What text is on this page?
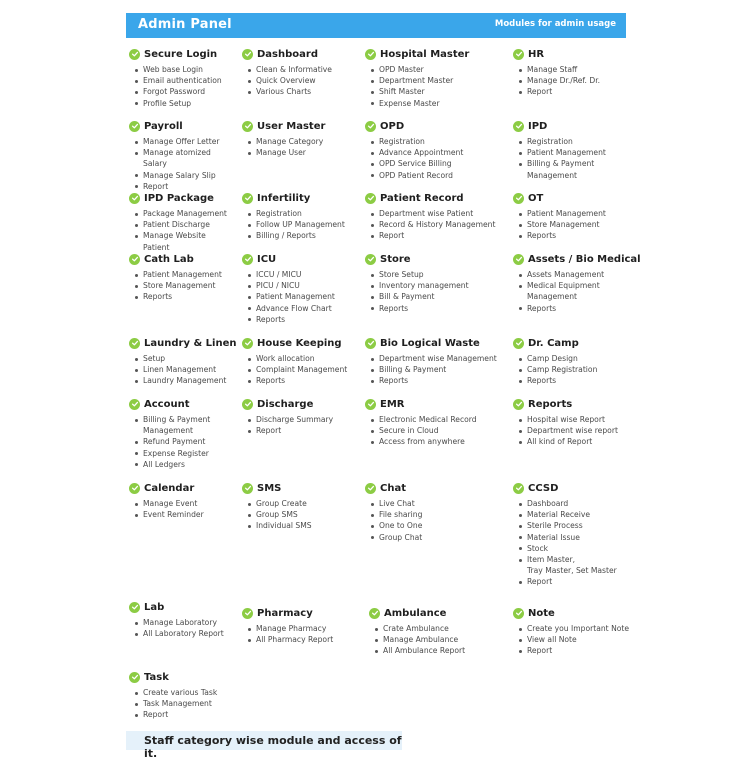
Admin Panel	Modules for admin usage
Secure Login
Web base Login
Email authentication
Forgot Password
Profile Setup
Dashboard
Clean & Informative
Quick Overview
Various Charts
Hospital Master
OPD Master
Department Master
Shift Master
Expense Master
HR
Manage Staff
Manage Dr./Ref. Dr.
Report
Payroll
Manage Offer Letter
Manage atomized Salary
Manage Salary Slip
Report
User Master
Manage Category
Manage User
OPD
Registration
Advance Appointment
OPD Service Billing
OPD Patient Record
IPD
Registration
Patient Management
Billing & Payment
Management
IPD Package
Package Management
Patient Discharge
Manage Website Patient
Infertility
Registration
Follow UP Management
Billing / Reports
Patient Record
Department wise Patient
Record & History Management
Report
OT
Patient Management
Store Management
Reports
Cath Lab
Patient Management
Store Management
Reports
ICU
ICCU / MICU
PICU / NICU
Patient Management
Advance Flow Chart
Reports
Store
Store Setup
Inventory management
Bill & Payment
Reports
Assets / Bio Medical
Assets Management
Medical Equipment
Management
Reports
Laundry & Linen
Setup
Linen Management
Laundry Management
House Keeping
Work allocation
Complaint Management
Reports
Bio Logical Waste
Department wise Management
Billing & Payment
Reports
Dr. Camp
Camp Design
Camp Registration
Reports
Account
Billing & Payment
Management
Refund Payment
Expense Register
All Ledgers
Discharge
Discharge Summary
Report
EMR
Electronic Medical Record
Secure in Cloud
Access from anywhere
Reports
Hospital wise Report
Department wise report
All kind of Report
Calendar
Manage Event
Event Reminder
SMS
Group Create
Group SMS
Individual SMS
Chat
Live Chat
File sharing
One to One
Group Chat
CCSD
Dashboard
Material Receive
Sterile Process
Material Issue
Stock
Item Master,
Tray Master, Set Master
Report
Lab
Manage Laboratory
All Laboratory Report
Pharmacy
Manage Pharmacy
All Pharmacy Report
Ambulance
Crate Ambulance
Manage Ambulance
All Ambulance Report
Note
Create you Important Note
View all Note
Report
Task
Create various Task
Task Management
Report
Staff category wise module and access of it.
